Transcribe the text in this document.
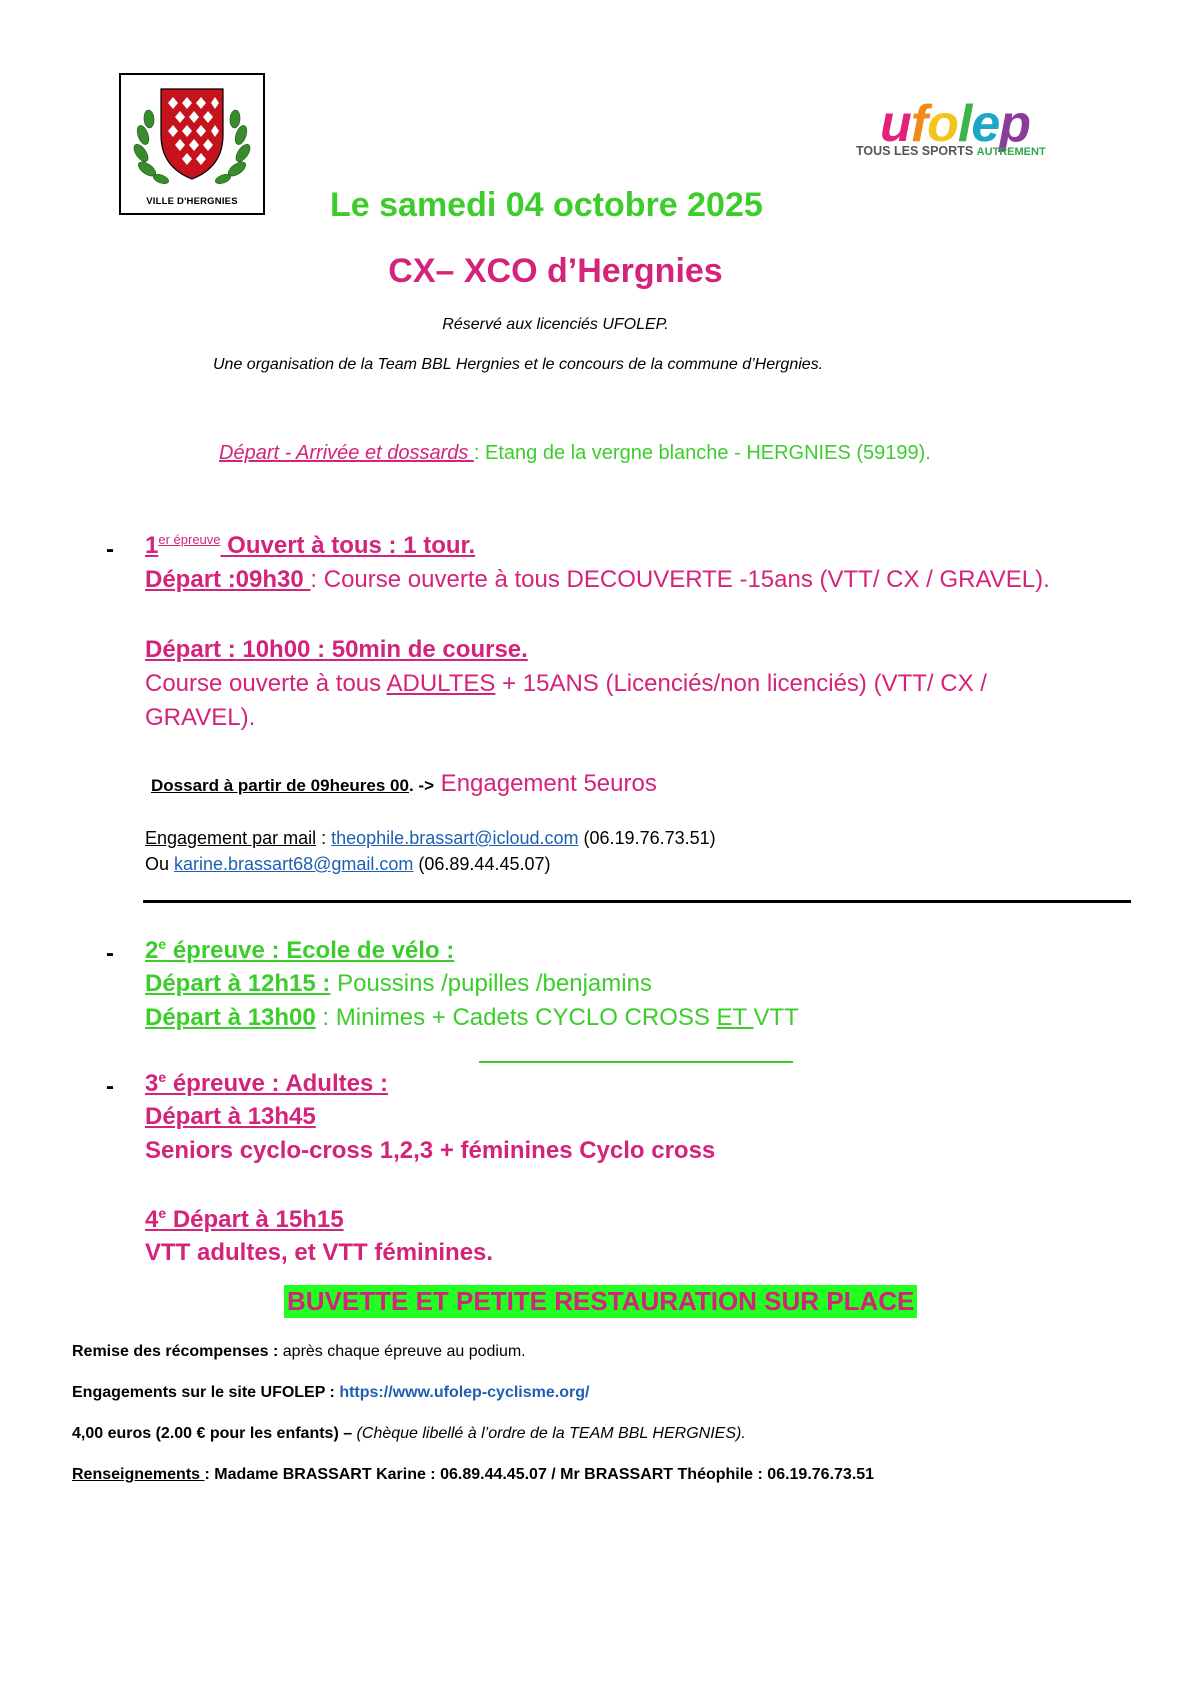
VILLE D'HERGNIES
ufolep
TOUS LES SPORTS AUTREMENT
Le samedi 04 octobre 2025
CX– XCO d’Hergnies
Réservé aux licenciés UFOLEP.
Une organisation de la Team BBL Hergnies et le concours de la commune d’Hergnies.
Départ - Arrivée et dossards : Etang de la vergne blanche - HERGNIES (59199).
- $1^{er épreuve}$ Ouvert à tous : 1 tour.
Départ :09h30 : Course ouverte à tous DECOUVERTE -15ans (VTT/ CX / GRAVEL).
Départ : 10h00 : 50min de course.
Course ouverte à tous ADULTES + 15ANS (Licenciés/non licenciés) (VTT/ CX /
GRAVEL).
Dossard à partir de 09heures 00. -> Engagement 5euros
Engagement par mail : theophile.brassart@icloud.com (06.19.76.73.51)
Ou karine.brassart68@gmail.com (06.89.44.45.07)
- 2e épreuve : Ecole de vélo :
Départ à 12h15 : Poussins /pupilles /benjamins
Départ à 13h00 : Minimes + Cadets CYCLO CROSS ET VTT
- 3e épreuve : Adultes :
Départ à 13h45
Seniors cyclo-cross 1,2,3 + féminines Cyclo cross
4e Départ à 15h15
VTT adultes, et VTT féminines.
BUVETTE ET PETITE RESTAURATION SUR PLACE
Remise des récompenses : après chaque épreuve au podium.
Engagements sur le site UFOLEP : https://www.ufolep-cyclisme.org/
4,00 euros (2.00 € pour les enfants) – (Chèque libellé à l’ordre de la TEAM BBL HERGNIES).
Renseignements : Madame BRASSART Karine : 06.89.44.45.07 / Mr BRASSART Théophile : 06.19.76.73.51
